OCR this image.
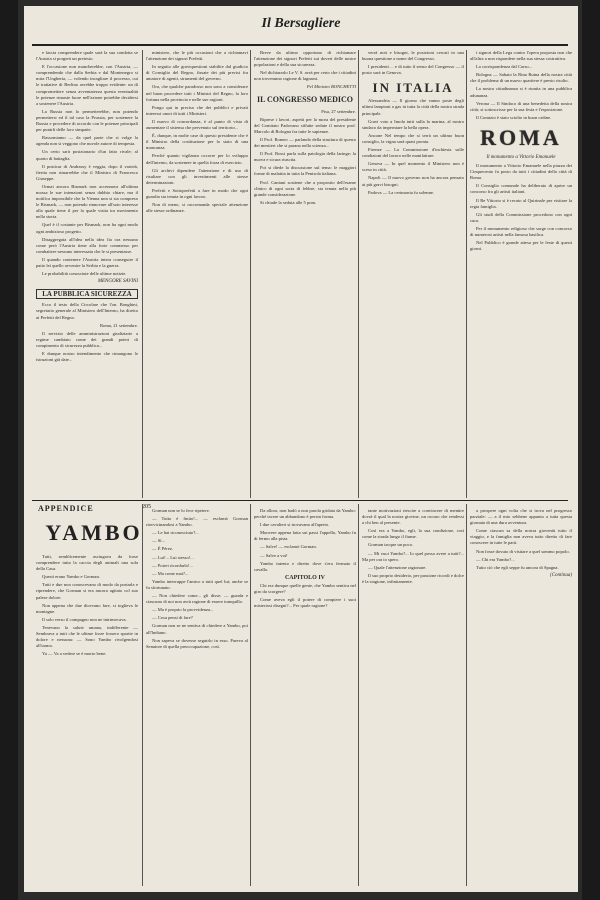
Il Bersagliere

e lascia comprendere quale sarà la sua condotta se l'Austria si porgerà un pretesto.

E l'occasione non mancherebbe, con l'Austria, — comprendendo che dalla Serbia e dal Montenegro si mira l'Ungheria, — volendo incagliare il processo, cui le trattative di Berlino avrebbe troppo evidente: un di compromettere senza avventatezza questa eventualità le potenze rimaste fuore nell'azione potrebbe decidersi a sostenere l'Austria.

La Russia non lo permetterebbe, non potendo permettersi ed il tal caso la Prussia, per sostenere la Russia e procedere di accordo con le potenze principali per punirli delle loro simpatie.

Rassomiamo — da quel parte che si volge la agenda non si veggono che nuvole autore di tempesta.

Un certo sarà posizionario d'un fatto rivale; al quarto di battaglia.

Il posticar di Andrassy è veggia, dopo il varietà, fierita non rimarrebbe che il Ministro di Francesco Giuseppe.

Ormai ancora Bismark non accennava all'ultima mossa le sue intenzioni senza dubbio chiare, ma il notifica impossibile che la Vienna non si sia compreso le Bismark, — non potendo rinnovare all'urto interesse alla quale tiene il per la quale visita tra movimento nella storia.

Quel è il costante per Bismark, non ha ogni modo ogni ambizioso progetto.

Disaggregata all'idea nella idea fia ora nessuno come però l'Austria tiene alla forte commesso per combattere nessuno interessata che le si presentasse.

Il quando contenere l'Austria intera conseguire il patto lei quello avvenire la Serbia e la guerra.

Le probabilità conosciute delle ultime notizie.

MENGORE SAVINI
LA PUBBLICA SICUREZZA

Ecco il testo della Circolare che l'on. Bonghini, segretario generale al Ministero dell'Interno, ha diretto ai Prefetti del Regno.

Roma, 21 settembre.

Il servizio delle amministrazioni giudiziarie a regime cambiato come dei grandi poteri di compimento di sicurezza pubblica...

E dunque nostro intendimento che rimangono le istruzioni già date...

ministero, che le più occasioni che a richiamavi l'attenzione dei signori Prefetti.

In seguito alle graviquestioni stabilite dal giudicio di Consiglio del Regno, fissate dei più precisi fra amatore di agenti, strumenti del governo.

Ora, che qualche paradosso non sono a considerare nel buon procedere tutti i Ministri del Regno, la loro fortuna nella provincia e nelle sue ragioni.

Pongo qui in preciso che dei pubblici e privati interessi onori di tutti i Ministeri.

Il nuovo di concordanza, è al punto di vista di aumentare il sistema che pervenuto sul territorio...

È, dunque, in molte case di questo presidente che è il Ministro della costituzione per lo stato di una mancanza.

Perché quanto vigilanza occorre per lo sviluppo dell'interno, da sostenere in quella forza di esercizio.

Gli archivi dipendere l'attenzione e di uso di risultare con gli investimenti alle stesse determinazioni.

Prefetti e Sottoprefetti a fare in modo che ogni guardia sia tenuta in ogni lavoro.

Non di meno, si raccomanda speciale attenzione alle stesse ordinanze.

Breve da ultimo opportuno di richiamare l'attenzione dei signori Prefetti sui doveri delle nostre popolazioni e della sua sicurezza.

Nel dichiararlo Le V. S. avrà per certo che i cittadini non troveranno ragione di lagnarsi.

Pel Ministro BONCHETTI

IL CONGRESSO MEDICO

Pisa, 27 settembre.

Riprese i lavori, aspetti per la mora del presidente del Comitato Padovano siffatte sedute il nostro prof. Marcolo di Bologna fra tutte le sapienze.

Il Prof. Romeo — parlando della struttura di questo dei mestieri che si parano nella scienza...

Il Prof. Bossi parla sulla patologia della laringe; la nuova e sicura riuscita.

Poi si diede la discussione sul tema: le maggiori forme di malattia in tutta la Penisola italiana.

Prof. Cantani sostiene che a proposito dell'esame clinico di ogni sorta di febbre, sia tenuta nella più grande considerazione.

Si chiude la seduta alle 5 pom.

verrà noti e bisogni, le posizioni cercati in una buona questione a nome del Congresso.

I presidenti ... e di tutto il senso del Congresso — il posto sarà in Genova.

IN ITALIA

Alessandria — Il giorno che vanno poste degli ultimi lampioni a gas in tutta la città della nostra strada principale.

Gravi voto a Imola tutti sulla la marina, al nostro sindaco da imperniare la bella opera.

Ancone Nel tempo che si terrà un ultimo buon consiglio, la vigna sarà quasi pronta.

Firenze — La Commissione d'inchiesta sulle condizioni del lavoro nelle manifatture.

Genova — In quel momento il Ministero non è sceso in città.

Napoli — Il nuovo governo non ha ancora pensato ai più gravi bisogni.

Padova — La cerimonia fu solenne.

i signori della Lega contro l'opera proposta non che all'altra a non rispondere nella sua stessa costruttiva.

La corrispondenza dal Carso...

Bologna — Sabato la Rina Ruina della nostra città che il problema di un nuovo quartiere è presto risolto.

La nostra cittadinanza si è riunita in una pubblica adunanza.

Verona — Il Sindaco di una benedetta della nostra città; si sottoscrisse per la sua festa e l'esposizione.

Il Comizio è stato sciolto in buon ordine.

ROMA
Il monumento a Vittorio Emanuele

Il monumento a Vittorio Emanuele nella piazza dei Cinquecento fu posto da tutti i cittadini della città di Roma.

Il Consiglio comunale ha deliberato di aprire un concorso fra gli artisti italiani.

Il Re Vittorio si è recato al Quirinale per visitare la regia famiglia.

Gli studi della Commissione procedono con ogni cura.

Per il monumento religioso che sorge con concorso di numerosi artisti nella famosa basilica.

Nel Pubblico è grande attesa per le feste di questi giorni.

APPENDICE	205
YAMBO

Tutti, semblicemente asciugava da forse comprendere tutta la caccia degli animali una sola della Casa.

Questi erano Yambo e Gorman.

Tutti e due non conoscevano di modo da portarla e riprendere, che Gorman si era ancora agitato col suo palese dolore.

Non appena che due dicevano fare, si toglieva le montagne.

Il solo verso il compagno non ne intrinsecava.

Tenevano la salute umana, indifferente — Sembrava a tutti che le ultime forze fossero sparite in dolore e nessuna: — Sono Yambo rivolgendosi all'uomo.

Ya — Va a vedere se è morto bene.

Gorman non se lo fece ripetere.

— Tutto è finito!... — esclamò Gorman riavvicinandosi a Yambo.

— Le hai riconosciuto?...

— Sì...

— È Pérez.

— Lui!... Lui stesso!...

— Potrei ricordarlo!...

— Ma come mai?...

Yambo interruppe l'amico a tutti quel lui; anche se fu sfortunato.

— Non chiedere come... gli disse; — guarda e ciascuno di noi non avrà ragione di essere tranquillo.

— Ma è proprio la provvidenza...

— Cosa pensi di fare?

Gorman non se ne sentiva di chiedere a Yambo, poi all'Indiano.

Non sapeva se dovesse seguirlo in esso. Pareva al Senatore di quella preoccupazione, così.

Da allora, non badò a non parola gridata da Yambo: perchè tacere un abbandono è persin forma.

I due cavalieri si trovavano all'aperto.

Muovere appena fatta sui passi l'appello, Yambo fu di fermo alla pista.

— Salve! — esclamò Gorman.

— Salve a voi!

Yambo intento e diretto dove s'era fermato il cavallo.

CAPITOLO IV

Chi era dunque quelle gente, che Yambo sentiva nel giro da scorgere?

Come aveva egli il potere di compiere i suoi misteriosi disegni?... Per quale ragione?

tante motivazioni riescire a convincere di mentire dovrà il qual la nostra giovine, un oscuro che rendessi a chi ben al presente.

Così era a Yambo, egli, la sua condizione, così come la strada lungo il fiume.

Gorman tacque un poco.

— Mi vuoi Yambo?... Io quel posso avere a tutti?... Ma per ora io spero.

— Quale l'attenzione ragionare.

Il suo proprio desiderio, per passione ricordi e dolce è la stagione, infinitamente.

a prospere ogni volta che si trova nel progresso parziale: — a il mio sebbene appunto a tutta questa giornata di una dura avventura.

Come ciascun sa della nostra gioventù tutto il viaggio, e la famiglia non aveva tutto diretto di fare conoscere in tutte le parti.

Non fosse dovuto di visitare a quel sommo popolo.

— Chi era Yambo?...

Tutto ciò che egli seppe fu ancora di Spagna.

(Continua)
